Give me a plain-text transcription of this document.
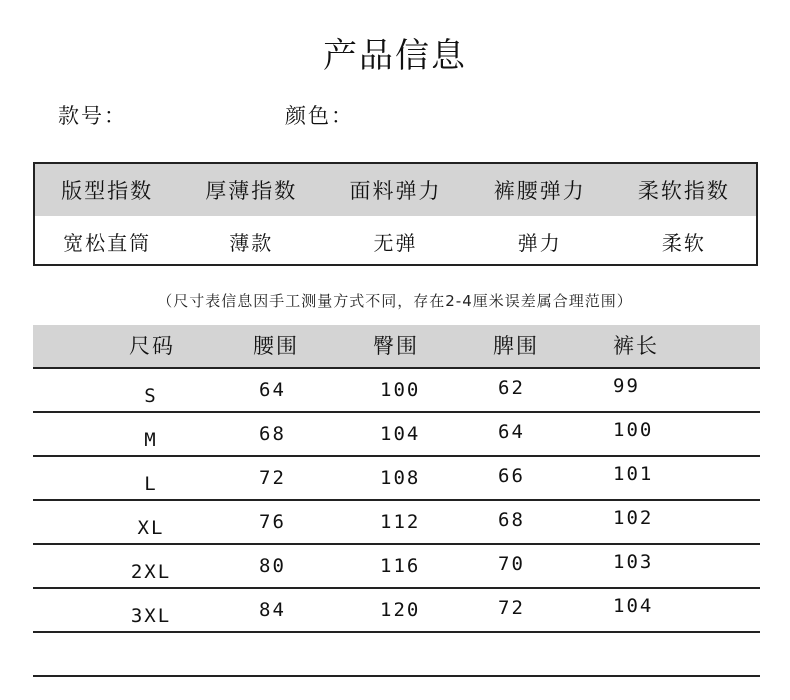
产品信息
款号：	颜色：
版型指数	厚薄指数	面料弹力	裤腰弹力	柔软指数
宽松直筒	薄款	无弹	弹力	柔软
（尺寸表信息因手工测量方式不同，存在2-4厘米误差属合理范围）
尺码	腰围	臀围	脾围	裤长
S	64	100	62	99
M	68	104	64	100
L	72	108	66	101
XL	76	112	68	102
2XL	80	116	70	103
3XL	84	120	72	104
